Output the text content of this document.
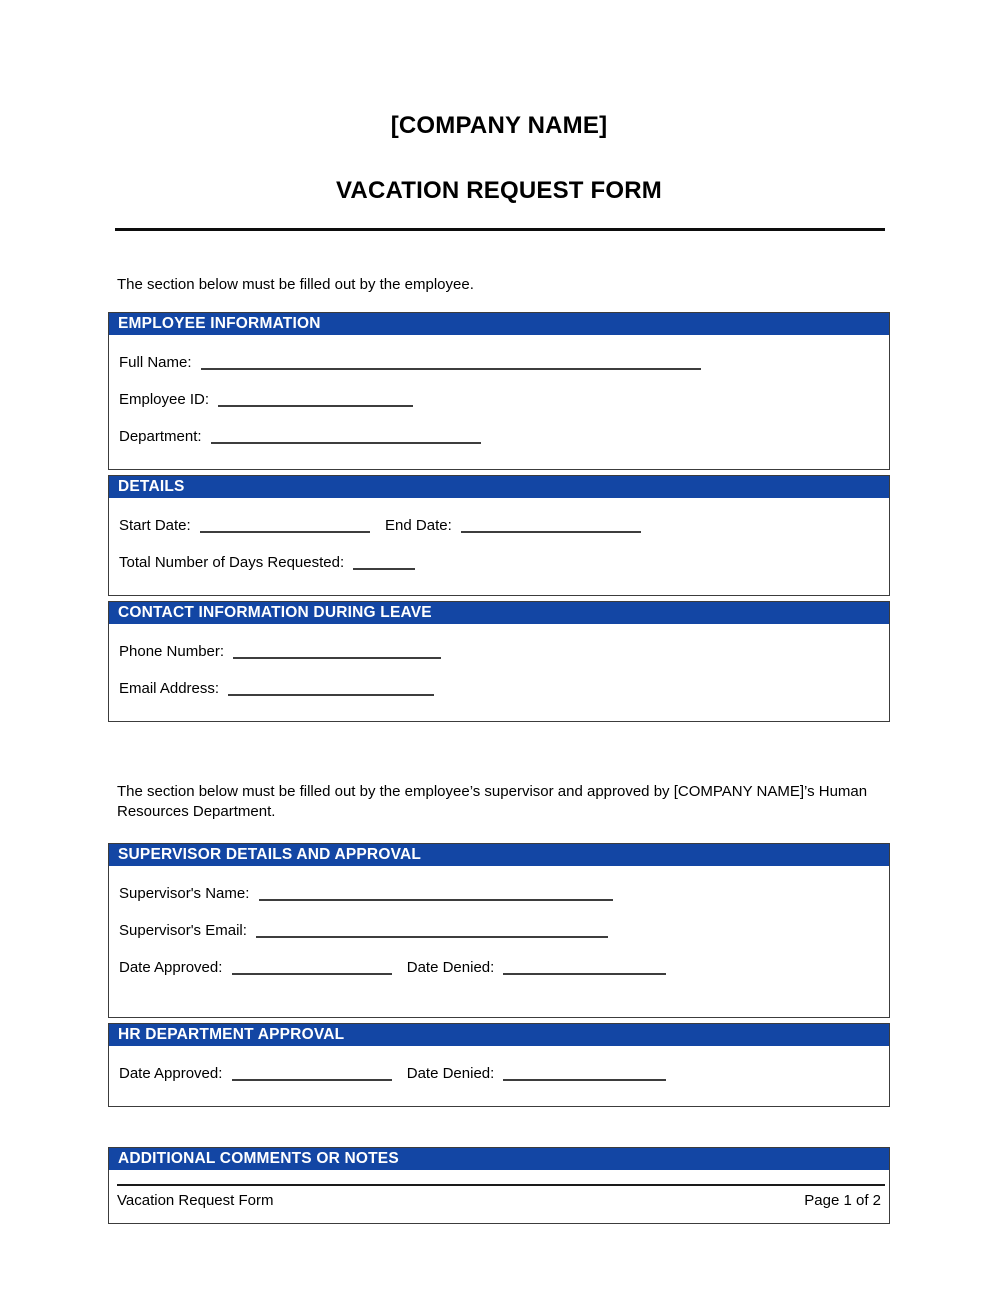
[COMPANY NAME]
VACATION REQUEST FORM

The section below must be filled out by the employee.

EMPLOYEE INFORMATION
Full Name:
Employee ID:
Department:
DETAILS
Start Date:	End Date:
Total Number of Days Requested:
CONTACT INFORMATION DURING LEAVE
Phone Number:
Email Address:

The section below must be filled out by the employee’s supervisor and approved by [COMPANY NAME]’s Human Resources Department.

SUPERVISOR DETAILS AND APPROVAL
Supervisor's Name:
Supervisor's Email:
Date Approved:	Date Denied:
HR DEPARTMENT APPROVAL
Date Approved:	Date Denied:
ADDITIONAL COMMENTS OR NOTES
Vacation Request Form	Page 1 of 2
